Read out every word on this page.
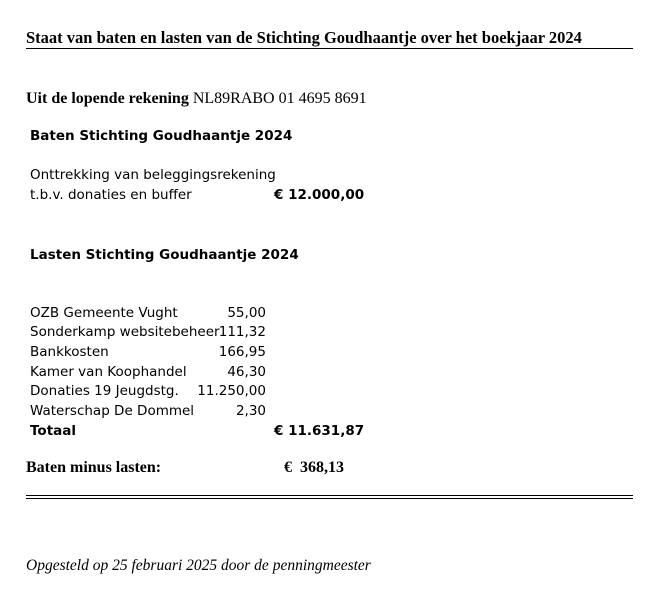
Staat van baten en lasten van de Stichting Goudhaantje over het boekjaar 2024
Uit de lopende rekening NL89RABO 01 4695 8691
Baten Stichting Goudhaantje 2024
Onttrekking van beleggingsrekening
t.b.v. donaties en buffer	€ 12.000,00
Lasten Stichting Goudhaantje 2024
OZB Gemeente Vught	55,00
Sonderkamp websitebeheer 111,32
Bankkosten	166,95
Kamer van Koophandel	46,30
Donaties 19 Jeugdstg. 11.250,00
Waterschap De Dommel	2,30
Totaal	€ 11.631,87
Baten minus lasten:	€  368,13
Opgesteld op 25 februari 2025 door de penningmeester
